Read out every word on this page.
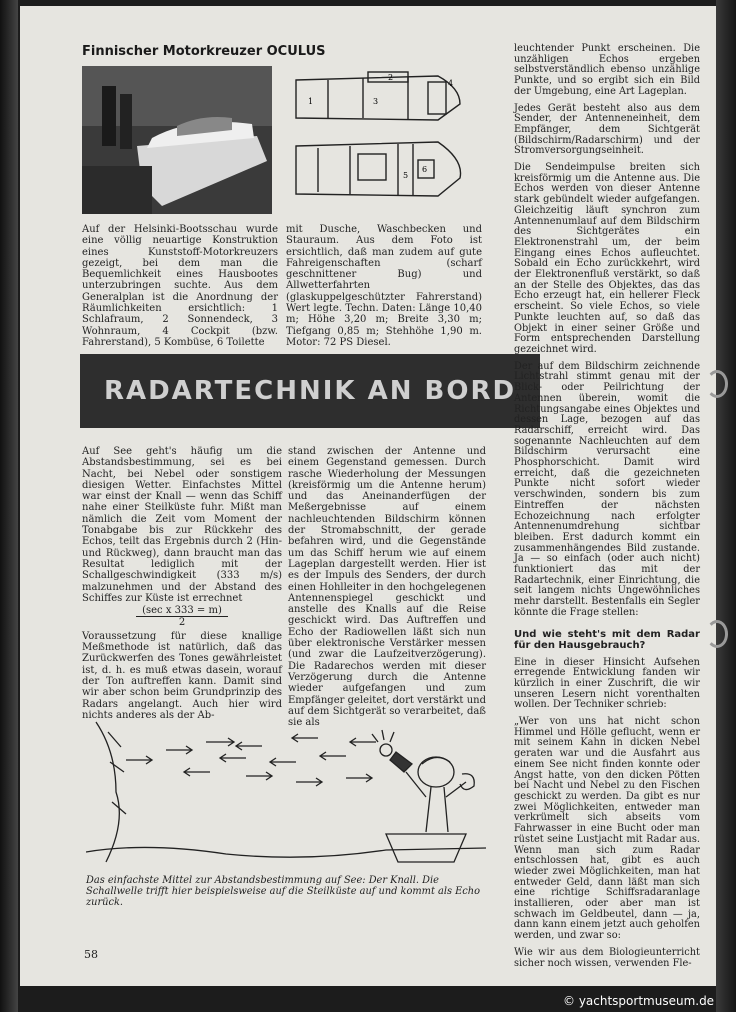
Finnischer Motorkreuzer OCULUS
1
2
3
4
5
6

Auf der Helsinki-Bootsschau wurde eine völlig neuartige Konstruktion eines Kunststoff-Motorkreuzers gezeigt, bei dem man die Bequemlichkeit eines Hausbootes unterzubringen suchte. Aus dem Generalplan ist die Anordnung der Räumlichkeiten ersichtlich: 1 Schlafraum, 2 Sonnendeck, 3 Wohnraum, 4 Cockpit (bzw. Fahrerstand), 5 Kombüse, 6 Toilette

mit Dusche, Waschbecken und Stauraum. Aus dem Foto ist ersichtlich, daß man zudem auf gute Fahreigenschaften (scharf geschnittener Bug) und Allwetterfahrten (glaskuppelgeschützter Fahrerstand) Wert legte. Techn. Daten: Länge 10,40 m; Höhe 3,20 m; Breite 3,30 m; Tiefgang 0,85 m; Stehhöhe 1,90 m. Motor: 72 PS Diesel.

RADARTECHNIK AN BORD

Auf See geht's häufig um die Abstandsbestimmung, sei es bei Nacht, bei Nebel oder sonstigem diesigen Wetter. Einfachstes Mittel war einst der Knall — wenn das Schiff nahe einer Steilküste fuhr. Mißt man nämlich die Zeit vom Moment der Tonabgabe bis zur Rückkehr des Echos, teilt das Ergebnis durch 2 (Hin- und Rückweg), dann braucht man das Resultat lediglich mit der Schallgeschwindigkeit (333 m/s) malzunehmen und der Abstand des Schiffes zur Küste ist errechnet

(sec x 333 = m)
2

Voraussetzung für diese knallige Meßmethode ist natürlich, daß das Zurückwerfen des Tones gewährleistet ist, d. h. es muß etwas dasein, worauf der Ton auftreffen kann. Damit sind wir aber schon beim Grundprinzip des Radars angelangt. Auch hier wird nichts anderes als der Ab-

stand zwischen der Antenne und einem Gegenstand gemessen. Durch rasche Wiederholung der Messungen (kreisförmig um die Antenne herum) und das Aneinanderfügen der Meßergebnisse auf einem nachleuchtenden Bildschirm können der Stromabschnitt, der gerade befahren wird, und die Gegenstände um das Schiff herum wie auf einem Lageplan dargestellt werden. Hier ist es der Impuls des Senders, der durch einen Hohlleiter in den hochgelegenen Antennenspiegel geschickt und anstelle des Knalls auf die Reise geschickt wird. Das Auftreffen und Echo der Radiowellen läßt sich nun über elektronische Verstärker messen (und zwar die Laufzeitverzögerung). Die Radarechos werden mit dieser Verzögerung durch die Antenne wieder aufgefangen und zum Empfänger geleitet, dort verstärkt und auf dem Sichtgerät so verarbeitet, daß sie als

leuchtender Punkt erscheinen. Die unzähligen Echos ergeben selbstverständlich ebenso unzählige Punkte, und so ergibt sich ein Bild der Umgebung, eine Art Lageplan.

Jedes Gerät besteht also aus dem Sender, der Antenneneinheit, dem Empfänger, dem Sichtgerät (Bildschirm/Radarschirm) und der Stromversorgungseinheit.

Die Sendeimpulse breiten sich kreisförmig um die Antenne aus. Die Echos werden von dieser Antenne stark gebündelt wieder aufgefangen. Gleichzeitig läuft synchron zum Antennenumlauf auf dem Bildschirm des Sichtgerätes ein Elektronenstrahl um, der beim Eingang eines Echos aufleuchtet. Sobald ein Echo zurückkehrt, wird der Elektronenfluß verstärkt, so daß an der Stelle des Objektes, das das Echo erzeugt hat, ein hellerer Fleck erscheint. So viele Echos, so viele Punkte leuchten auf, so daß das Objekt in einer seiner Größe und Form entsprechenden Darstellung gezeichnet wird.

Der auf dem Bildschirm zeichnende Lichtstrahl stimmt genau mit der Blick- oder Peilrichtung der Antennen überein, womit die Richtungsangabe eines Objektes und dessen Lage, bezogen auf das Radarschiff, erreicht wird. Das sogenannte Nachleuchten auf dem Bildschirm verursacht eine Phosphorschicht. Damit wird erreicht, daß die gezeichneten Punkte nicht sofort wieder verschwinden, sondern bis zum Eintreffen der nächsten Echozeichnung nach erfolgter Antennenumdrehung sichtbar bleiben. Erst dadurch kommt ein zusammenhängendes Bild zustande. Ja — so einfach (oder auch nicht) funktioniert das mit der Radartechnik, einer Einrichtung, die seit langem nichts Ungewöhnliches mehr darstellt. Bestenfalls ein Segler könnte die Frage stellen:

Und wie steht's mit dem Radar für den Hausgebrauch?

Eine in dieser Hinsicht Aufsehen erregende Entwicklung fanden wir kürzlich in einer Zuschrift, die wir unseren Lesern nicht vorenthalten wollen. Der Techniker schrieb:

„Wer von uns hat nicht schon Himmel und Hölle geflucht, wenn er mit seinem Kahn in dicken Nebel geraten war und die Ausfahrt aus einem See nicht finden konnte oder Angst hatte, von den dicken Pötten bei Nacht und Nebel zu den Fischen geschickt zu werden. Da gibt es nur zwei Möglichkeiten, entweder man verkrümelt sich abseits vom Fahrwasser in eine Bucht oder man rüstet seine Lustjacht mit Radar aus. Wenn man sich zum Radar entschlossen hat, gibt es auch wieder zwei Möglichkeiten, man hat entweder Geld, dann läßt man sich eine richtige Schiffsradaranlage installieren, oder aber man ist schwach im Geldbeutel, dann — ja, dann kann einem jetzt auch geholfen werden, und zwar so:

Wie wir aus dem Biologieunterricht sicher noch wissen, verwenden Fle-

Das einfachste Mittel zur Abstandsbestimmung auf See: Der Knall. Die Schallwelle trifft hier beispielsweise auf die Steilküste auf und kommt als Echo zurück.
58
© yachtsportmuseum.de
